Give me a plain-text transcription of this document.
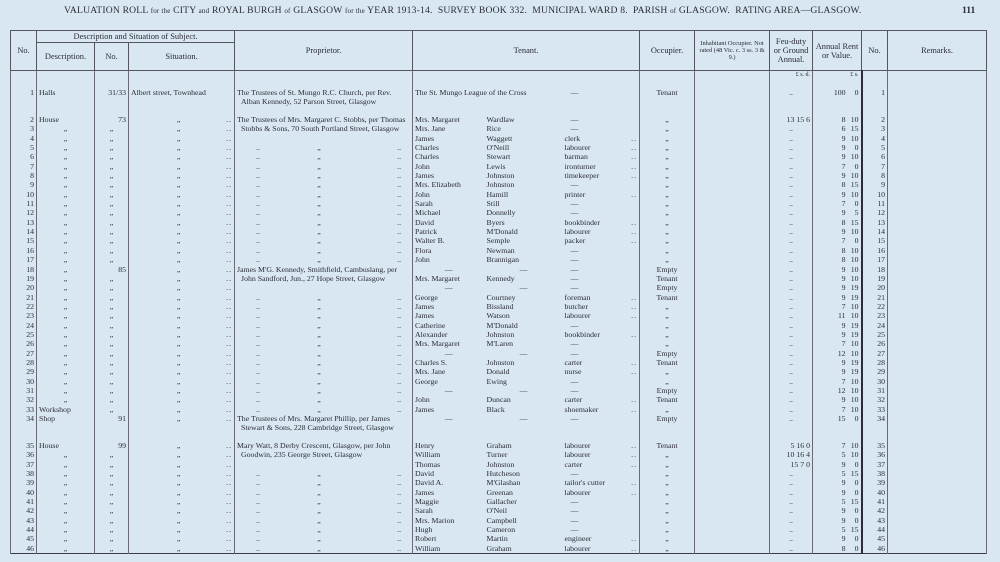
VALUATION ROLL for the CITY and ROYAL BURGH of GLASGOW for the YEAR 1913-14. SURVEY BOOK 332. MUNICIPAL WARD 8. PARISH of GLASGOW. RATING AREA—GLASGOW.	111
No.	Description and Situation of Subject.			Proprietor.	Tenant.			Occupier.	Inhabitant Occupier. Not rated (48 Vic. c. 3 ss. 3 & 9.)	Feu-duty or Ground Annual.	Annual Rent or Value.	No.	Remarks.
	Description.	No.	Situation.										
										£ s. d.	£ s.		
1	Halls	31/33	Albert street, Townhead	The Trustees of St. Mungo R.C. Church, per Rev. Alban Kennedy, 52 Parson Street, Glasgow	The St. Mungo League of the Cross		—	Tenant		..	100 0	1	
2	House	73	„ ..	The Trustees of Mrs. Margaret C. Stobbs, per Thomas Stobbs & Sons, 70 South Portland Street, Glasgow	Mrs. Margaret	Wardlaw	—	„		13 15 6	8 10	2	
3	„	„	„ ..		Mrs. Jane	Rice	—	„		..	6 15	3	
4	„	„	„ ..		James	Waggett	clerk ..	„		..	9 10	4	
5	„	„	„ ..	.. „ ..	Charles	O'Neill	labourer ..	„		..	9 0	5	
6	„	„	„ ..	.. „ ..	Charles	Stewart	barman ..	„		..	9 10	6	
7	„	„	„ ..	.. „ ..	John	Lewis	ironturner ..	„		..	7 0	7	
8	„	„	„ ..	.. „ ..	James	Johnston	timekeeper ..	„		..	9 10	8	
9	„	„	„ ..	.. „ ..	Mrs. Elizabeth	Johnston	—	„		..	8 15	9	
10	„	„	„ ..	.. „ ..	John	Hamill	printer ..	„		..	9 10	10	
11	„	„	„ ..	.. „ ..	Sarah	Still	—	„		..	7 0	11	
12	„	„	„ ..	.. „ ..	Michael	Donnelly	—	„		..	9 5	12	
13	„	„	„ ..	.. „ ..	David	Byers	bookbinder ..	„		..	8 15	13	
14	„	„	„ ..	.. „ ..	Patrick	M'Donald	labourer ..	„		..	9 10	14	
15	„	„	„ ..	.. „ ..	Walter B.	Semple	packer ..	„		..	7 0	15	
16	„	„	„ ..	.. „ ..	Flora	Newman	—	„		..	8 10	16	
17	„	„	„ ..	.. „ ..	John	Brannigan	—	„		..	8 10	17	
18	„	85	„ ..	James M'G. Kennedy, Smithfield, Cambuslang, per John Sandford, Jun., 27 Hope Street, Glasgow	—	—	—	Empty		..	9 10	18	
19	„	„	„ ..		Mrs. Margaret	Kennedy	—	Tenant		..	9 10	19	
20	„	„	„ ..		—	—	—	Empty		..	9 19	20	
21	„	„	„ ..	.. „ ..	George	Courtney	foreman ..	Tenant		..	9 19	21	
22	„	„	„ ..	.. „ ..	James	Bissland	butcher ..	„		..	7 10	22	
23	„	„	„ ..	.. „ ..	James	Watson	labourer ..	„		..	11 10	23	
24	„	„	„ ..	.. „ ..	Catherine	M'Donald	—	„		..	9 19	24	
25	„	„	„ ..	.. „ ..	Alexander	Johnston	bookbinder ..	„		..	9 19	25	
26	„	„	„ ..	.. „ ..	Mrs. Margaret	M'Laren	—	„		..	7 10	26	
27	„	„	„ ..	.. „ ..	—	—	—	Empty		..	12 10	27	
28	„	„	„ ..	.. „ ..	Charles S.	Johnston	carter ..	Tenant		..	9 19	28	
29	„	„	„ ..	.. „ ..	Mrs. Jane	Donald	nurse ..	„		..	9 19	29	
30	„	„	„ ..	.. „ ..	George	Ewing	—	„		..	7 10	30	
31	„	„	„ ..	.. „ ..	—	—	—	Empty		..	12 10	31	
32	„	„	„ ..	.. „ ..	John	Duncan	carter ..	Tenant		..	9 10	32	
33	Workshop	„	„ ..	.. „ ..	James	Black	shoemaker ..	„		..	7 10	33	
34	Shop	91	„ ..	The Trustees of Mrs. Margaret Phillip, per James Stewart & Sons, 228 Cambridge Street, Glasgow	—	—	—	Empty		..	15 0	34	
35	House	99	„ ..	Mary Watt, 8 Derby Crescent, Glasgow, per John Goodwin, 235 George Street, Glasgow	Henry	Graham	labourer ..	Tenant		5 16 0	7 10	35	
36	„	„	„ ..		William	Turner	labourer ..	„		10 16 4	5 10	36	
37	„	„	„ ..		Thomas	Johnston	carter ..	„		15 7 0	9 0	37	
38	„	„	„ ..	.. „ ..	David	Hutcheson	—	„		..	5 15	38	
39	„	„	„ ..	.. „ ..	David A.	M'Glashan	tailor's cutter ..	„		..	9 0	39	
40	„	„	„ ..	.. „ ..	James	Greenan	labourer ..	„		..	9 0	40	
41	„	„	„ ..	.. „ ..	Maggie	Gallacher	—	„		..	5 15	41	
42	„	„	„ ..	.. „ ..	Sarah	O'Neil	—	„		..	9 0	42	
43	„	„	„ ..	.. „ ..	Mrs. Marion	Campbell	—	„		..	9 0	43	
44	„	„	„ ..	.. „ ..	Hugh	Cameron	—	„		..	5 15	44	
45	„	„	„ ..	.. „ ..	Robert	Martin	engineer ..	„		..	9 0	45	
46	„	„	„ ..	.. „ ..	William	Graham	labourer ..	„		..	8 0	46	
